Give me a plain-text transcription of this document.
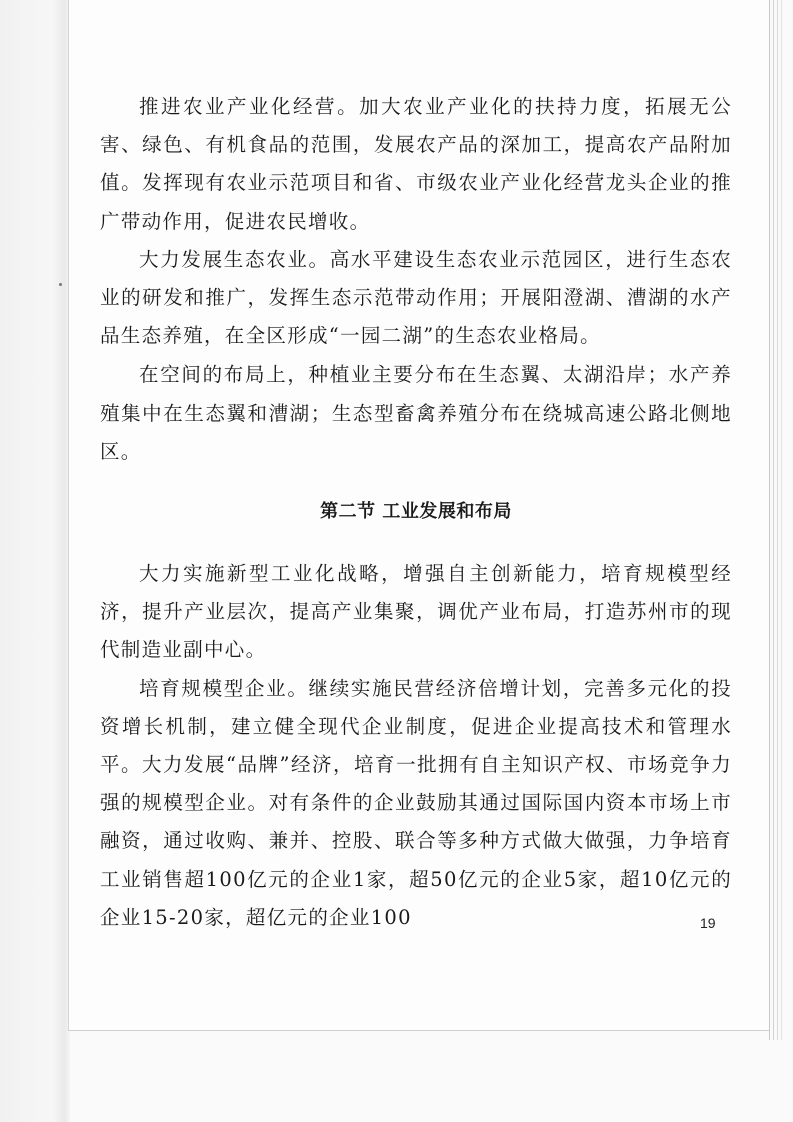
推进农业产业化经营。加大农业产业化的扶持力度，拓展无公害、绿色、有机食品的范围，发展农产品的深加工，提高农产品附加值。发挥现有农业示范项目和省、市级农业产业化经营龙头企业的推广带动作用，促进农民增收。

大力发展生态农业。高水平建设生态农业示范园区，进行生态农业的研发和推广，发挥生态示范带动作用；开展阳澄湖、漕湖的水产品生态养殖，在全区形成“一园二湖”的生态农业格局。

在空间的布局上，种植业主要分布在生态翼、太湖沿岸；水产养殖集中在生态翼和漕湖；生态型畜禽养殖分布在绕城高速公路北侧地区。

第二节 工业发展和布局

大力实施新型工业化战略，增强自主创新能力，培育规模型经济，提升产业层次，提高产业集聚，调优产业布局，打造苏州市的现代制造业副中心。

培育规模型企业。继续实施民营经济倍增计划，完善多元化的投资增长机制，建立健全现代企业制度，促进企业提高技术和管理水平。大力发展“品牌”经济，培育一批拥有自主知识产权、市场竞争力强的规模型企业。对有条件的企业鼓励其通过国际国内资本市场上市融资，通过收购、兼并、控股、联合等多种方式做大做强，力争培育工业销售超100亿元的企业1家，超50亿元的企业5家，超10亿元的企业15-20家，超亿元的企业100	19
